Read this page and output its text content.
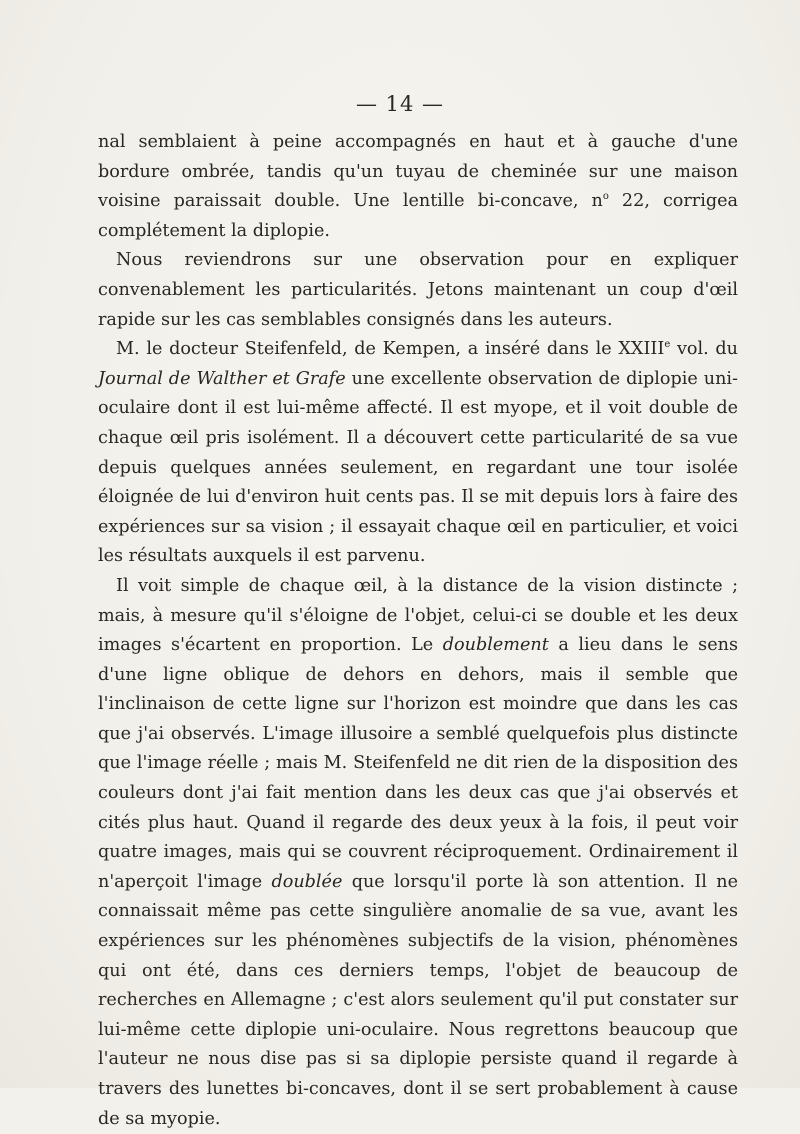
— 14 —

nal semblaient à peine accompagnés en haut et à gauche d'une bordure ombrée, tandis qu'un tuyau de cheminée sur une maison voisine paraissait double. Une lentille bi-concave, $n^o$ 22, corrigea complétement la diplopie.

Nous reviendrons sur une observation pour en expliquer convenablement les particularités. Jetons maintenant un coup d'œil rapide sur les cas semblables consignés dans les auteurs.

M. le docteur Steifenfeld, de Kempen, a inséré dans le XXIIIe vol. du Journal de Walther et Grafe une excellente observation de diplopie uni-oculaire dont il est lui-même affecté. Il est myope, et il voit double de chaque œil pris isolément. Il a découvert cette particularité de sa vue depuis quelques années seulement, en regardant une tour isolée éloignée de lui d'environ huit cents pas. Il se mit depuis lors à faire des expériences sur sa vision ; il essayait chaque œil en particulier, et voici les résultats auxquels il est parvenu.

Il voit simple de chaque œil, à la distance de la vision distincte ; mais, à mesure qu'il s'éloigne de l'objet, celui-ci se double et les deux images s'écartent en proportion. Le doublement a lieu dans le sens d'une ligne oblique de dehors en dehors, mais il semble que l'inclinaison de cette ligne sur l'horizon est moindre que dans les cas que j'ai observés. L'image illusoire a semblé quelquefois plus distincte que l'image réelle ; mais M. Steifenfeld ne dit rien de la disposition des couleurs dont j'ai fait mention dans les deux cas que j'ai observés et cités plus haut. Quand il regarde des deux yeux à la fois, il peut voir quatre images, mais qui se couvrent réciproquement. Ordinairement il n'aperçoit l'image doublée que lorsqu'il porte là son attention. Il ne connaissait même pas cette singulière anomalie de sa vue, avant les expériences sur les phénomènes subjectifs de la vision, phénomènes qui ont été, dans ces derniers temps, l'objet de beaucoup de recherches en Allemagne ; c'est alors seulement qu'il put constater sur lui-même cette diplopie uni-oculaire. Nous regrettons beaucoup que l'auteur ne nous dise pas si sa diplopie persiste quand il regarde à travers des lunettes bi-concaves, dont il se sert probablement à cause de sa myopie.
